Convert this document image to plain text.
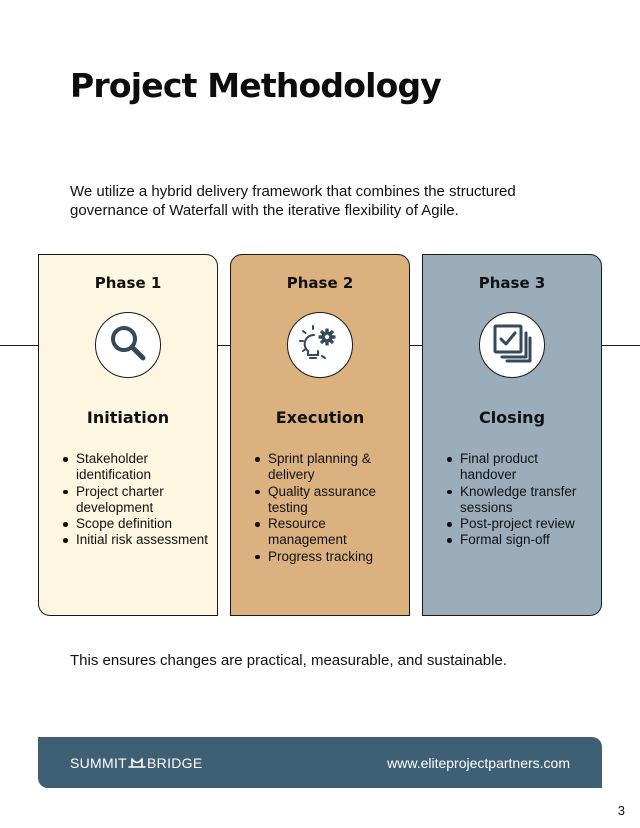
Project Methodology

We utilize a hybrid delivery framework that combines the structured governance of Waterfall with the iterative flexibility of Agile.

Phase 1
Initiation
Stakeholder identification
Project charter development
Scope definition
Initial risk assessment
Phase 2
Execution
Sprint planning & delivery
Quality assurance testing
Resource management
Progress tracking
Phase 3
Closing
Final product handover
Knowledge transfer sessions
Post-project review
Formal sign-off

This ensures changes are practical, measurable, and sustainable.

SUMMIT BRIDGE	www.eliteprojectpartners.com
3
